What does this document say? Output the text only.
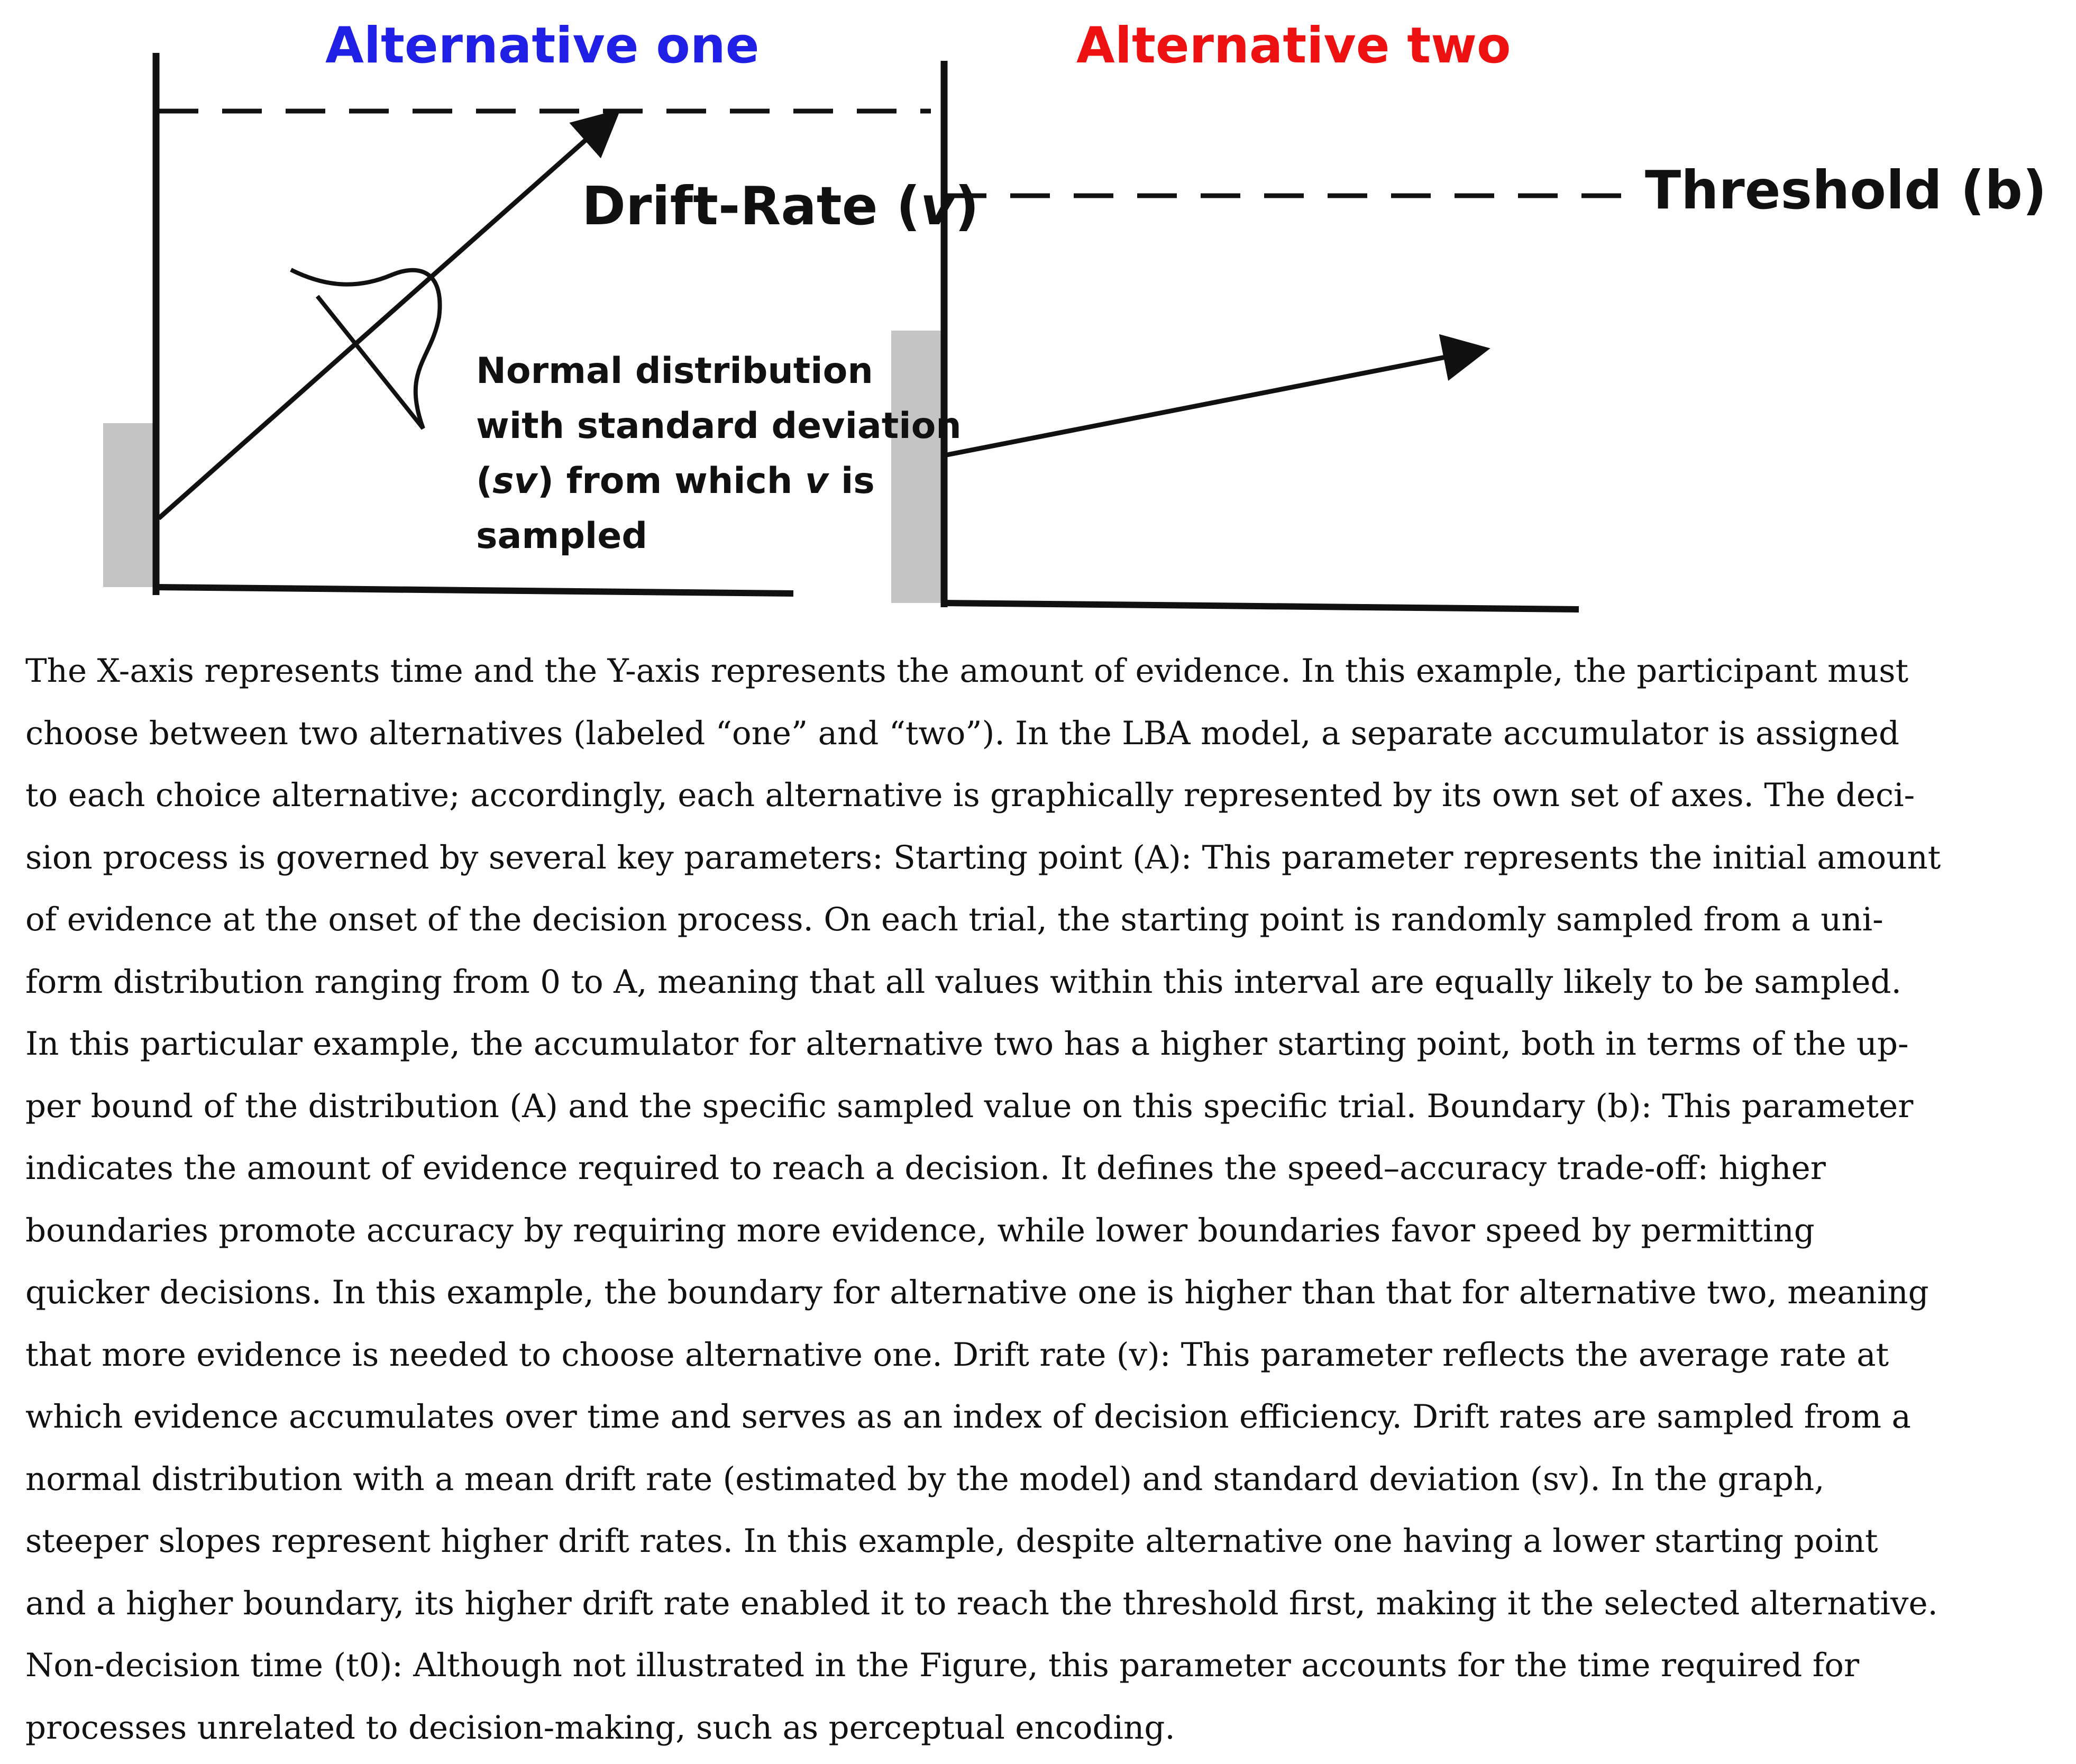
Alternative one	Alternative two
Drift-Rate (v)	Threshold (b)
Normal distribution
with standard deviation
(sv) from which v is
sampled
The X-axis represents time and the Y-axis represents the amount of evidence. In this example, the participant must
choose between two alternatives (labeled “one” and “two”). In the LBA model, a separate accumulator is assigned
to each choice alternative; accordingly, each alternative is graphically represented by its own set of axes. The deci-
sion process is governed by several key parameters: Starting point (A): This parameter represents the initial amount
of evidence at the onset of the decision process. On each trial, the starting point is randomly sampled from a uni-
form distribution ranging from 0 to A, meaning that all values within this interval are equally likely to be sampled.
In this particular example, the accumulator for alternative two has a higher starting point, both in terms of the up-
per bound of the distribution (A) and the specific sampled value on this specific trial. Boundary (b): This parameter
indicates the amount of evidence required to reach a decision. It defines the speed–accuracy trade-off: higher
boundaries promote accuracy by requiring more evidence, while lower boundaries favor speed by permitting
quicker decisions. In this example, the boundary for alternative one is higher than that for alternative two, meaning
that more evidence is needed to choose alternative one. Drift rate (v): This parameter reflects the average rate at
which evidence accumulates over time and serves as an index of decision efficiency. Drift rates are sampled from a
normal distribution with a mean drift rate (estimated by the model) and standard deviation (sv). In the graph,
steeper slopes represent higher drift rates. In this example, despite alternative one having a lower starting point
and a higher boundary, its higher drift rate enabled it to reach the threshold first, making it the selected alternative.
Non-decision time (t0): Although not illustrated in the Figure, this parameter accounts for the time required for
processes unrelated to decision-making, such as perceptual encoding.
